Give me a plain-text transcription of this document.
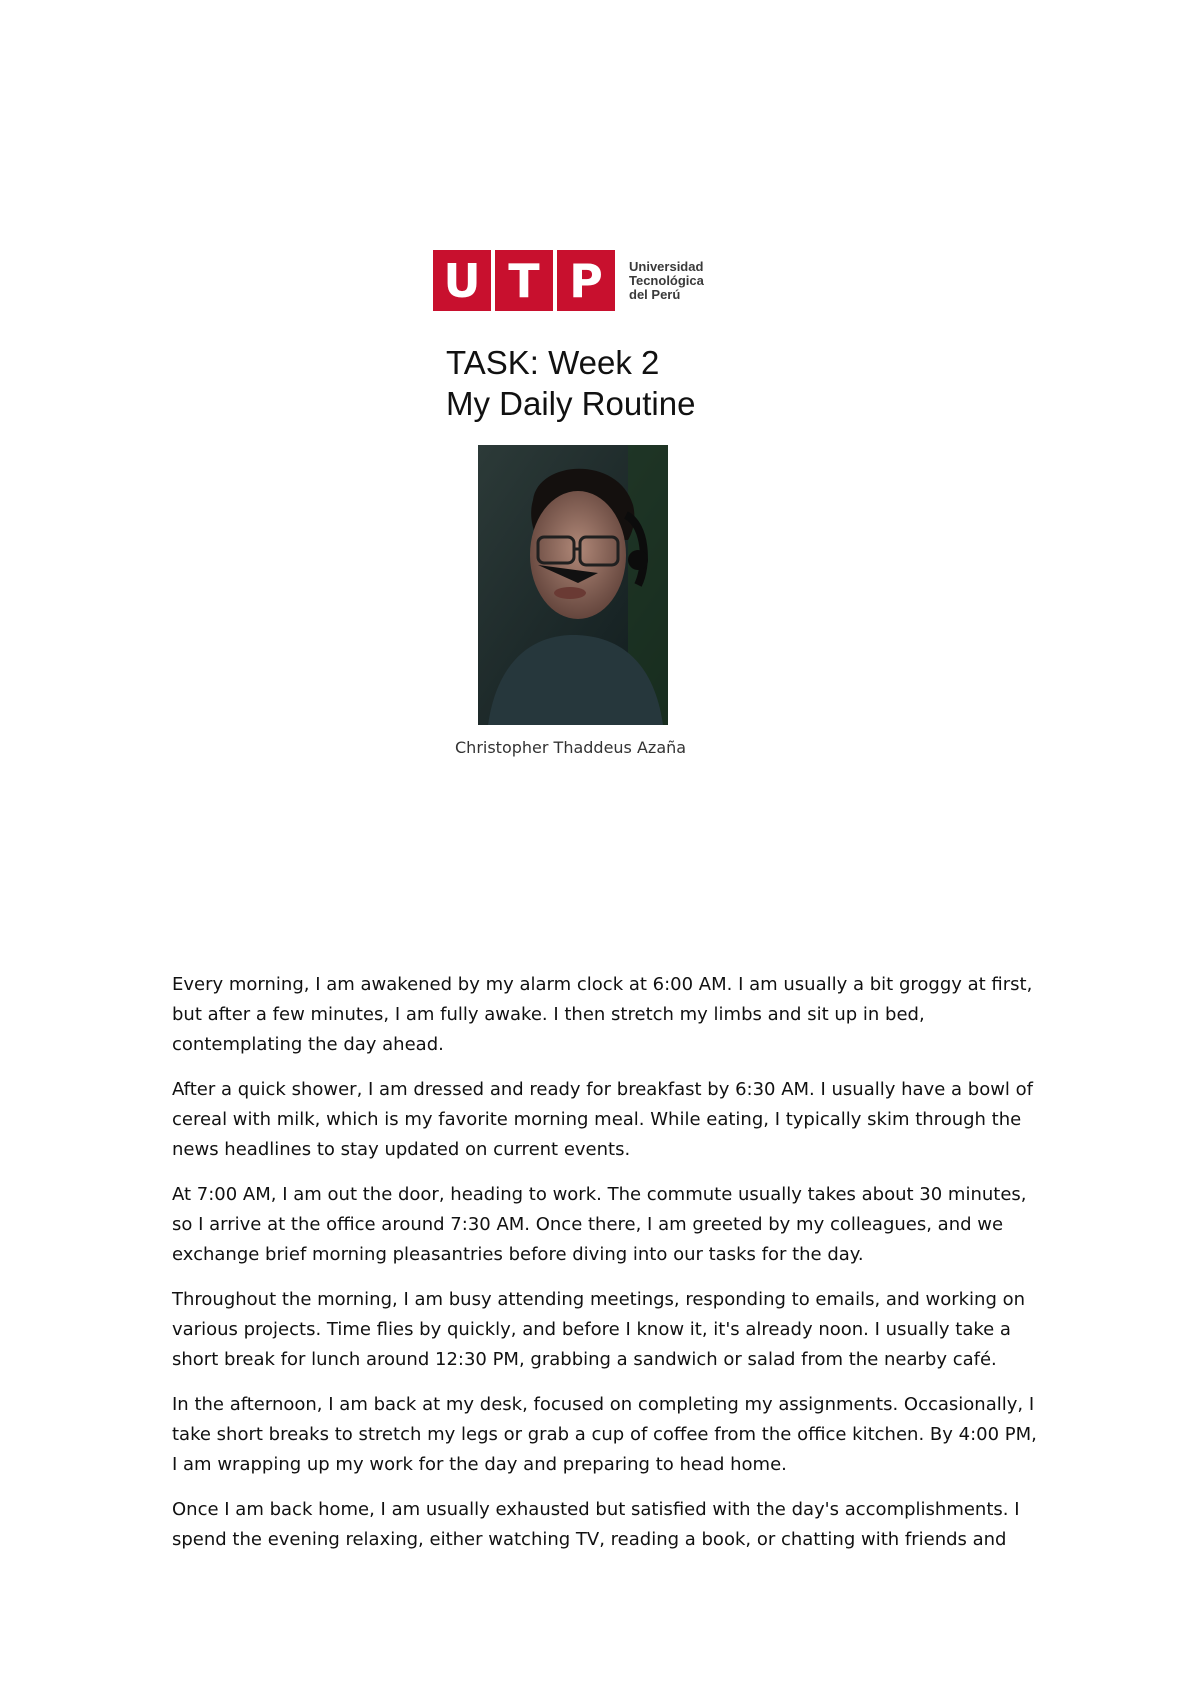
U T P	Universidad
Tecnológica
del Perú
TASK: Week 2
My Daily Routine
Christopher Thaddeus Azaña

Every morning, I am awakened by my alarm clock at 6:00 AM. I am usually a bit groggy at first, but after a few minutes, I am fully awake. I then stretch my limbs and sit up in bed, contemplating the day ahead.

After a quick shower, I am dressed and ready for breakfast by 6:30 AM. I usually have a bowl of cereal with milk, which is my favorite morning meal. While eating, I typically skim through the news headlines to stay updated on current events.

At 7:00 AM, I am out the door, heading to work. The commute usually takes about 30 minutes, so I arrive at the office around 7:30 AM. Once there, I am greeted by my colleagues, and we exchange brief morning pleasantries before diving into our tasks for the day.

Throughout the morning, I am busy attending meetings, responding to emails, and working on various projects. Time flies by quickly, and before I know it, it's already noon. I usually take a short break for lunch around 12:30 PM, grabbing a sandwich or salad from the nearby café.

In the afternoon, I am back at my desk, focused on completing my assignments. Occasionally, I take short breaks to stretch my legs or grab a cup of coffee from the office kitchen. By 4:00 PM, I am wrapping up my work for the day and preparing to head home.

Once I am back home, I am usually exhausted but satisfied with the day's accomplishments. I spend the evening relaxing, either watching TV, reading a book, or chatting with friends and
